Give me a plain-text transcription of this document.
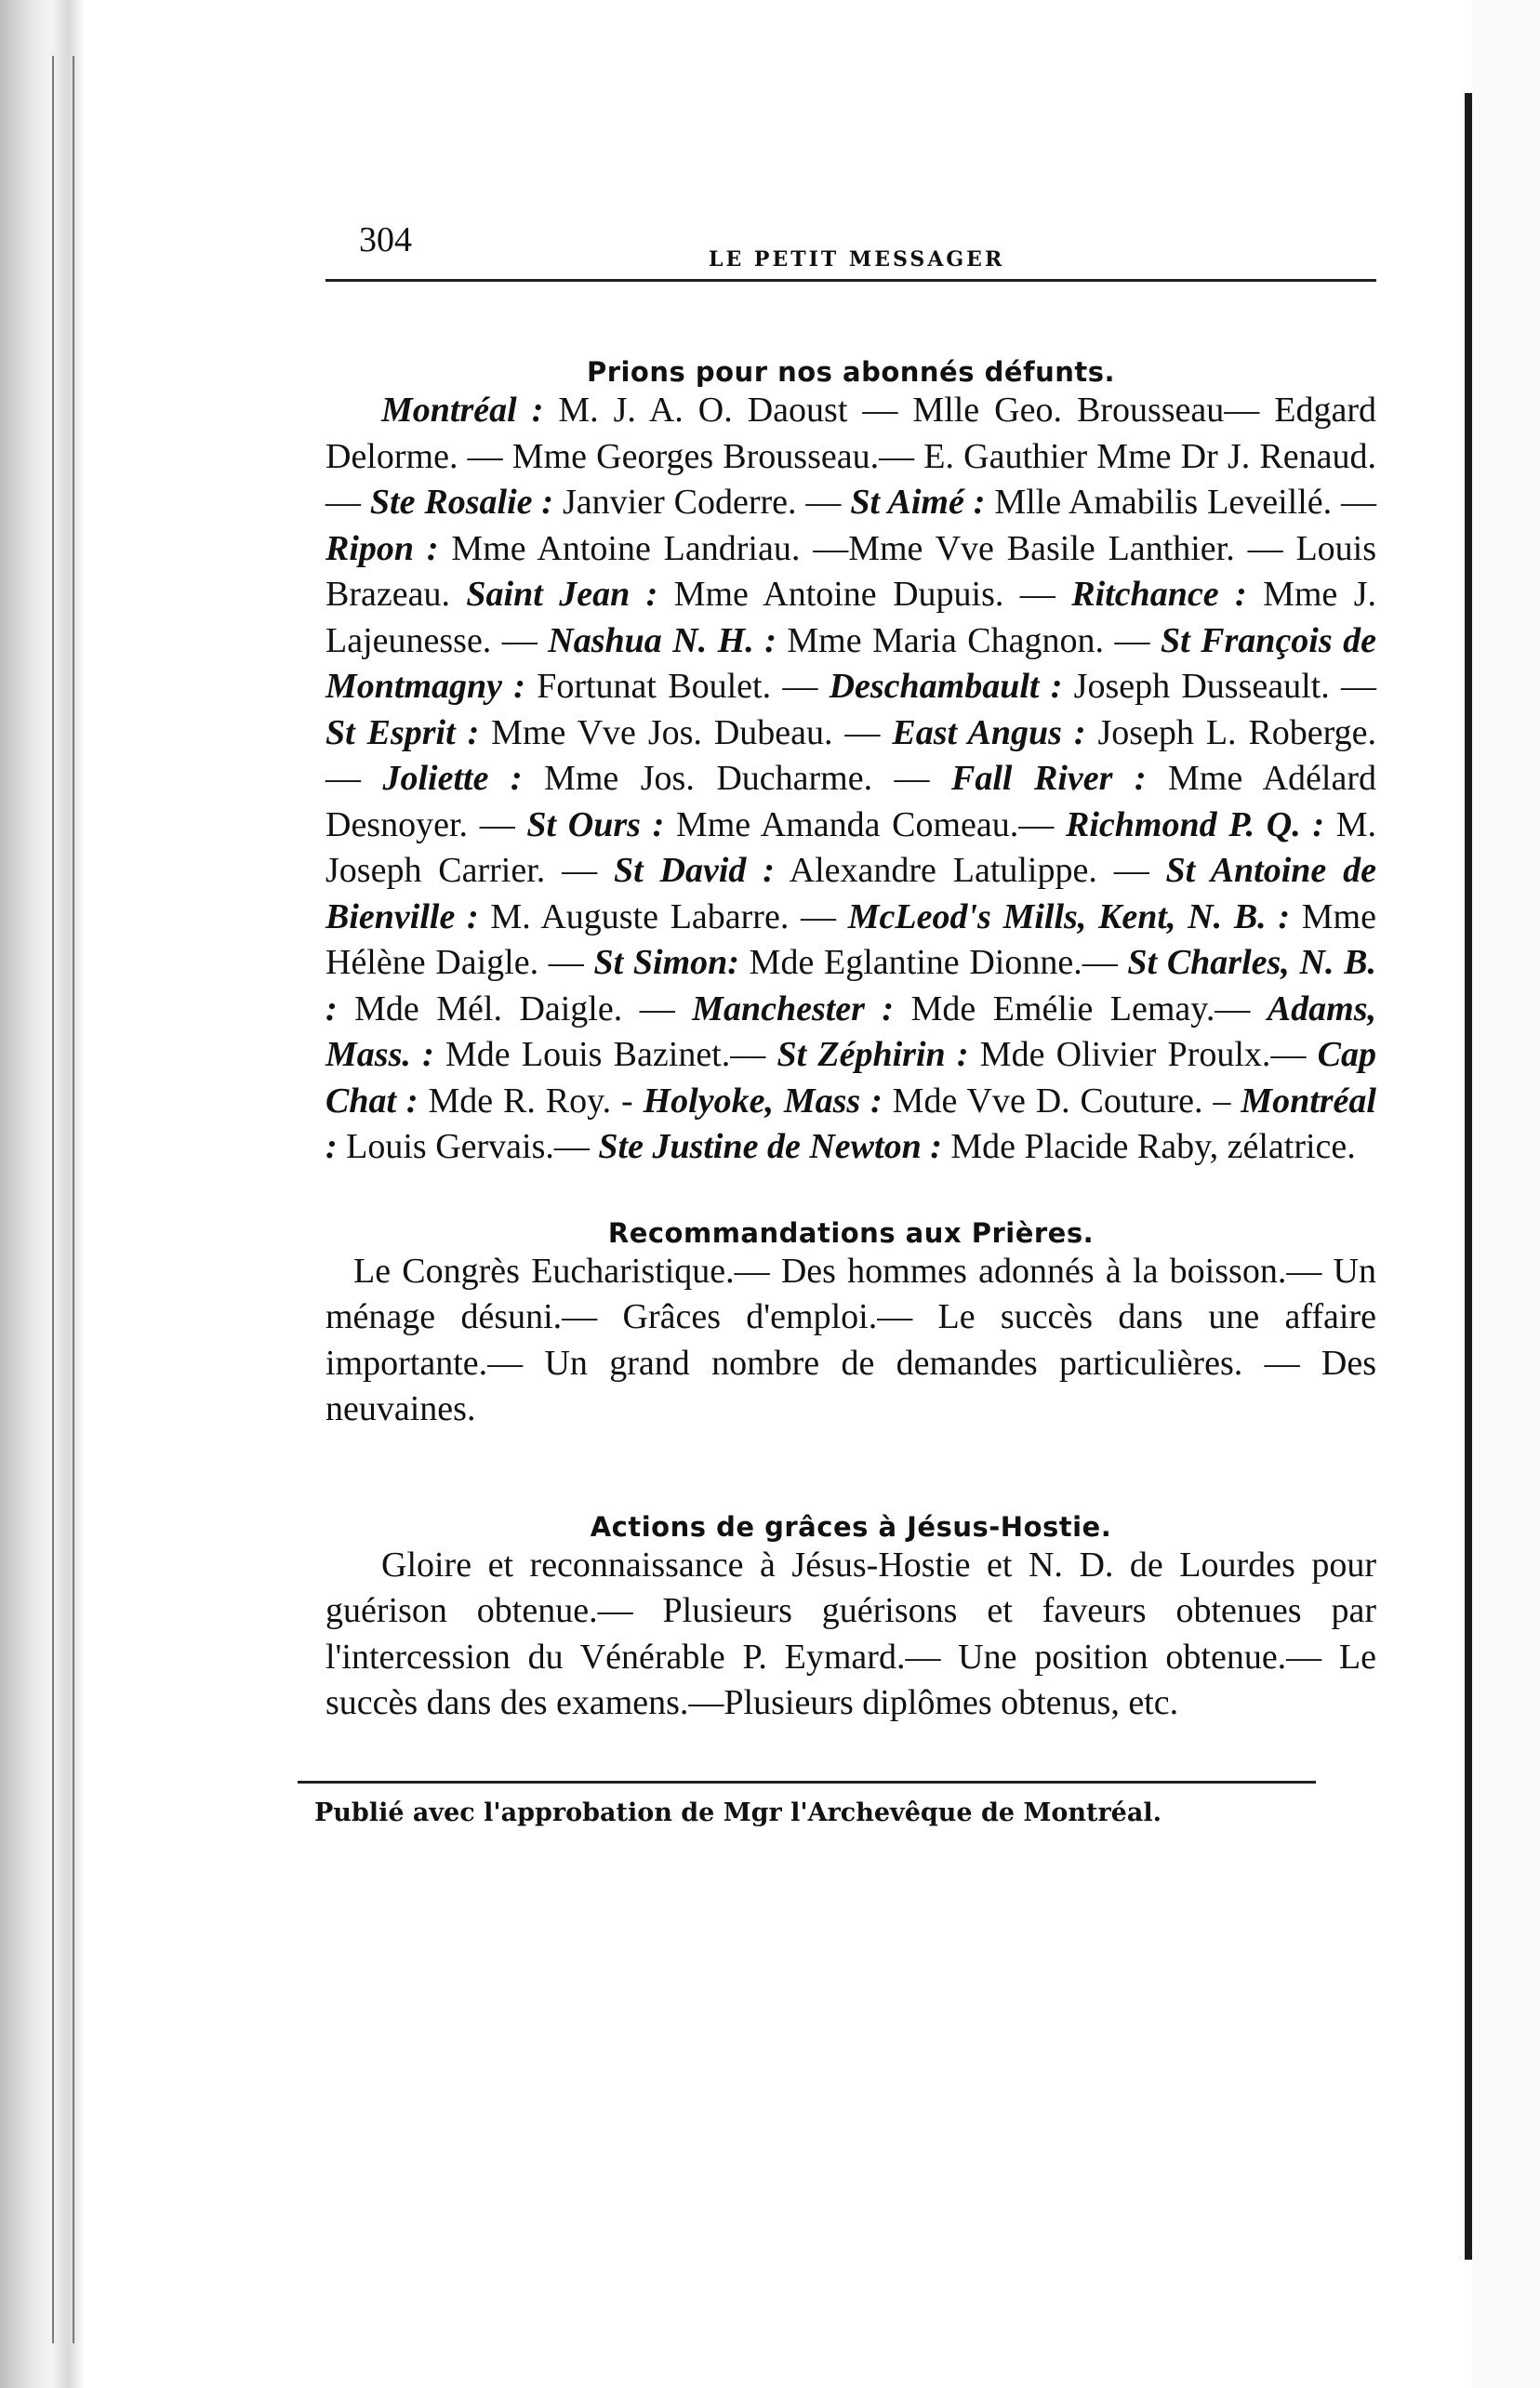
304	LE PETIT MESSAGER
Prions pour nos abonnés défunts.

Montréal : M. J. A. O. Daoust — Mlle Geo. Brousseau— Edgard Delorme. — Mme Georges Brousseau.— E. Gauthier Mme Dr J. Renaud. — Ste Rosalie : Janvier Coderre. — St Aimé : Mlle Amabilis Leveillé. — Ripon : Mme Antoine Landriau. —Mme Vve Basile Lanthier. — Louis Brazeau. Saint Jean : Mme Antoine Dupuis. — Ritchance : Mme J. Lajeunesse. — Nashua N. H. : Mme Maria Chagnon. — St François de Montmagny : Fortunat Boulet. — Deschambault : Joseph Dusseault. — St Esprit : Mme Vve Jos. Dubeau. — East Angus : Joseph L. Roberge. — Joliette : Mme Jos. Ducharme. — Fall River : Mme Adélard Desnoyer. — St Ours : Mme Amanda Comeau.— Richmond P. Q. : M. Joseph Carrier. — St David : Alexandre Latulippe. — St Antoine de Bienville : M. Auguste Labarre. — McLeod's Mills, Kent, N. B. : Mme Hélène Daigle. — St Simon: Mde Eglantine Dionne.— St Charles, N. B. : Mde Mél. Daigle. — Manchester : Mde Emélie Lemay.— Adams, Mass. : Mde Louis Bazinet.— St Zéphirin : Mde Olivier Proulx.— Cap Chat : Mde R. Roy. - Holyoke, Mass : Mde Vve D. Couture. – Montréal : Louis Gervais.— Ste Justine de Newton : Mde Placide Raby, zélatrice.

Recommandations aux Prières.

Le Congrès Eucharistique.— Des hommes adonnés à la boisson.— Un ménage désuni.— Grâces d'emploi.— Le succès dans une affaire importante.— Un grand nombre de demandes particulières. — Des neuvaines.

Actions de grâces à Jésus-Hostie.

Gloire et reconnaissance à Jésus-Hostie et N. D. de Lourdes pour guérison obtenue.— Plusieurs guérisons et faveurs obtenues par l'intercession du Vénérable P. Eymard.— Une position obtenue.— Le succès dans des examens.—Plusieurs diplômes obtenus, etc.

Publié avec l'approbation de Mgr l'Archevêque de Montréal.
